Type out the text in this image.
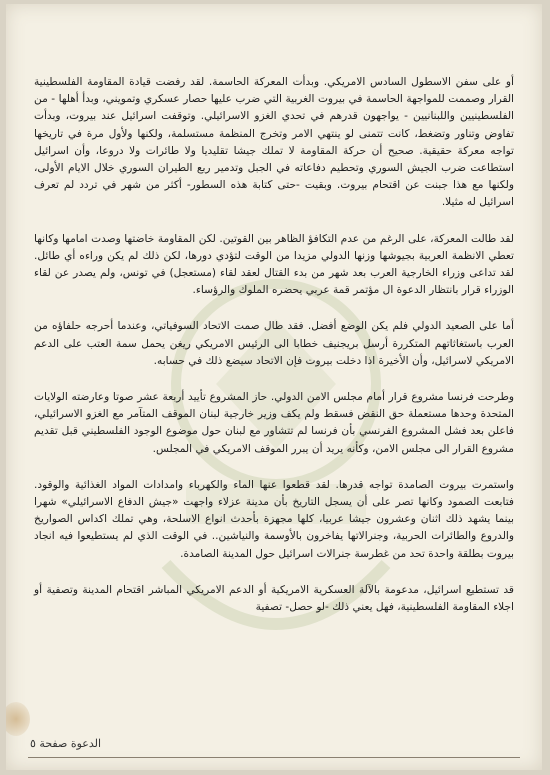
أو على سفن الاسطول السادس الامريكي. وبدأت المعركة الحاسمة. لقد رفضت قيادة المقاومة الفلسطينية القرار وصممت للمواجهة الحاسمة في بيروت الغربية التي ضرب عليها حصار عسكري وتمويني، وبدأ أهلها - من الفلسطينيين واللبنانيين - يواجهون قدرهم في تحدي الغزو الاسرائيلي. وتوقفت اسرائيل عند بيروت، وبدأت تفاوض وتناور وتضغط، كانت تتمنى لو ينتهي الامر وتخرج المنظمة مستسلمة، ولكنها ولأول مرة في تاريخها تواجه معركة حقيقية. صحيح أن حركة المقاومة لا تملك جيشا تقليديا ولا طائرات ولا دروعا، وأن اسرائيل استطاعت ضرب الجيش السوري وتحطيم دفاعاته في الجبل وتدمير ربع الطيران السوري خلال الايام الأولى، ولكنها مع هذا جبنت عن اقتحام بيروت. وبقيت -حتى كتابة هذه السطور- أكثر من شهر في تردد لم تعرف اسرائيل له مثيلا.

لقد طالت المعركة، على الرغم من عدم التكافؤ الظاهر بين القوتين. لكن المقاومة خاضتها وصدت امامها وكانها تعطي الانظمة العربية بجيوشها وزنها الدولي مزيدا من الوقت لتؤدي دورها، لكن ذلك لم يكن وراءه أي طائل. لقد تداعى وزراء الخارجية العرب بعد شهر من بدء القتال لعقد لقاء (مستعجل) في تونس، ولم يصدر عن لقاء الوزراء قرار بانتظار الدعوة ال مؤتمر قمة عربي يحضره الملوك والرؤساء.

أما على الصعيد الدولي فلم يكن الوضع أفضل. فقد طال صمت الاتحاد السوفياتي، وعندما أحرجه حلفاؤه من العرب باستغاثاتهم المتكررة أرسل بريجنيف خطابا الى الرئيس الامريكي ريغن يحمل سمة العتب على الدعم الامريكي لاسرائيل، وأن الأخيرة اذا دخلت بيروت فإن الاتحاد سيضع ذلك في حسابه.

وطرحت فرنسا مشروع قرار أمام مجلس الامن الدولي. حاز المشروع تأييد أربعة عشر صوتا وعارضته الولايات المتحدة وحدها مستعملة حق النقض فسقط ولم يكف وزير خارجية لبنان الموقف المتآمر مع الغزو الاسرائيلي، فاعلن بعد فشل المشروع الفرنسي بأن فرنسا لم تتشاور مع لبنان حول موضوع الوجود الفلسطيني قبل تقديم مشروع القرار الى مجلس الامن، وكأنه يريد أن يبرر الموقف الامريكي في المجلس.

واستمرت بيروت الصامدة تواجه قدرها. لقد قطعوا عنها الماء والكهرباء وامدادات المواد الغذائية والوقود. فتابعت الصمود وكانها تصر على أن يسجل التاريخ بأن مدينة عزلاء واجهت «جيش الدفاع الاسرائيلي» شهرا بينما يشهد ذلك اثنان وعشرون جيشا عربيا، كلها مجهزة بأحدث انواع الاسلحة، وهي تملك اكداس الصواريخ والدروع والطائرات الحربية، وجنرالاتها يفاخرون بالأوسمة والنياشين.. في الوقت الذي لم يستطيعوا فيه انجاد بيروت بطلقة واحدة تحد من غطرسة جنرالات اسرائيل حول المدينة الصامدة.

قد تستطيع اسرائيل، مدعومة بالآلة العسكرية الامريكية أو الدعم الامريكي المباشر اقتحام المدينة وتصفية أو اجلاء المقاومة الفلسطينية، فهل يعني ذلك -لو حصل- تصفية

الدعوة صفحة ٥
